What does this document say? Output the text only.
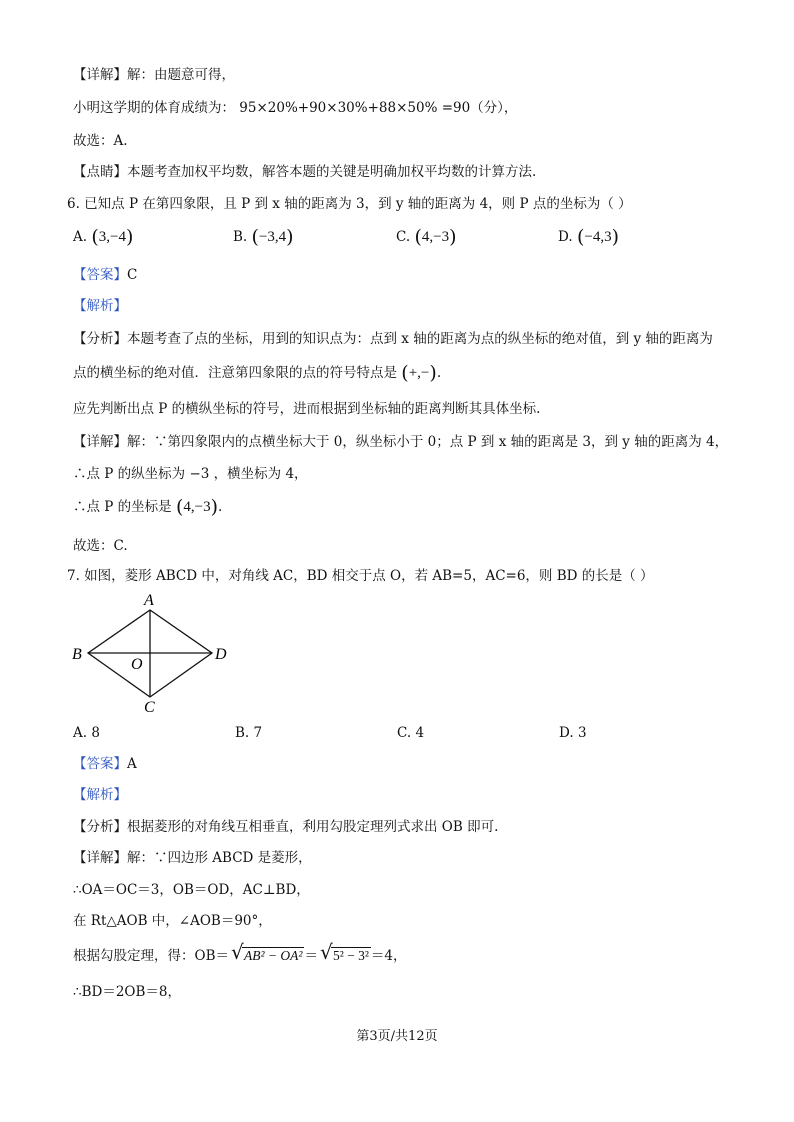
【详解】解：由题意可得，
小明这学期的体育成绩为： 95×20%+90×30%+88×50% =90（分），
故选：A.
【点睛】本题考查加权平均数，解答本题的关键是明确加权平均数的计算方法.
6. 已知点 P 在第四象限，且 P 到 x 轴的距离为 3，到 y 轴的距离为 4，则 P 点的坐标为（ ）
A. (3,−4)	B. (−3,4)	C. (4,−3)	D. (−4,3)
【答案】C
【解析】
【分析】本题考查了点的坐标，用到的知识点为：点到 x 轴的距离为点的纵坐标的绝对值，到 y 轴的距离为
点的横坐标的绝对值．注意第四象限的点的符号特点是 (+,−).
应先判断出点 P 的横纵坐标的符号，进而根据到坐标轴的距离判断其具体坐标.
【详解】解：∵第四象限内的点横坐标大于 0，纵坐标小于 0；点 P 到 x 轴的距离是 3，到 y 轴的距离为 4，
∴点 P 的纵坐标为 −3 ，横坐标为 4，
∴点 P 的坐标是 (4,−3).
故选：C.
7. 如图，菱形 ABCD 中，对角线 AC，BD 相交于点 O，若 AB=5，AC=6，则 BD 的长是（ ）
A
B
C
D
O
A. 8	B. 7	C. 4	D. 3
【答案】A
【解析】
【分析】根据菱形的对角线互相垂直，利用勾股定理列式求出 OB 即可.
【详解】解：∵四边形 ABCD 是菱形，
∴OA＝OC＝3，OB＝OD，AC⊥BD，
在 Rt△AOB 中，∠AOB＝90°，
根据勾股定理，得：OB＝ √ AB² − OA² ＝ √ 5² − 3² ＝4，
∴BD＝2OB＝8，
第3页/共12页
